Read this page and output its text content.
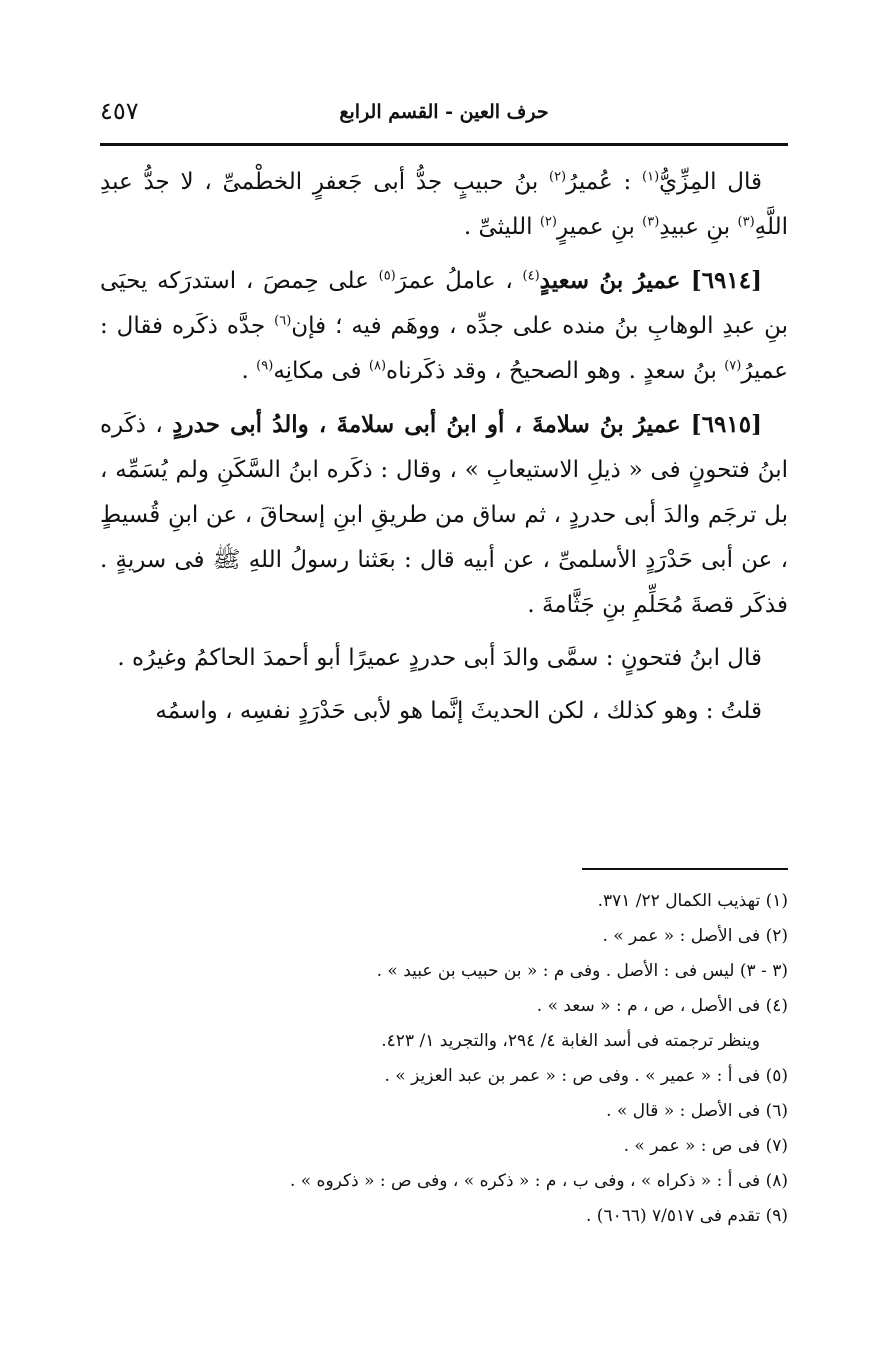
٤٥٧	حرف العين - القسم الرابع

قال المِزِّيُّ$^{(١)}$ : عُميرُ$^{(٢)}$ بنُ حبيبٍ جدُّ أبى جَعفرٍ الخطْمىِّ ، لا جدُّ عبدِ اللَّهِ$^{(٣)}$ بنِ عبيدِ$^{(٣)}$ بنِ عميرٍ$^{(٢)}$ الليثىِّ .

[٦٩١٤] عميرُ بنُ سعيدٍ$^{(٤)}$ ، عاملُ عمرَ$^{(٥)}$ على حِمصَ ، استدرَكه يحيَى بنِ عبدِ الوهابِ بنُ منده على جدِّه ، ووهَم فيه ؛ فإن$^{(٦)}$ جدَّه ذكَره فقال : عميرُ$^{(٧)}$ بنُ سعدٍ . وهو الصحيحُ ، وقد ذكَرناه$^{(٨)}$ فى مكانِه$^{(٩)}$ .

[٦٩١٥] عميرُ بنُ سلامةَ ، أو ابنُ أبى سلامةَ ، والدُ أبى حدردٍ ، ذكَره ابنُ فتحونٍ فى « ذيلِ الاستيعابِ » ، وقال : ذكَره ابنُ السَّكَنِ ولم يُسَمِّه ، بل ترجَم والدَ أبى حدردٍ ، ثم ساق من طريقِ ابنِ إسحاقَ ، عن ابنِ قُسيطٍ ، عن أبى حَدْرَدٍ الأسلمىِّ ، عن أبيه قال : بعَثنا رسولُ اللهِ ﷺ فى سريةٍ . فذكَر قصةَ مُحَلِّمِ بنِ جَثَّامةَ .

قال ابنُ فتحونٍ : سمَّى والدَ أبى حدردٍ عميرًا أبو أحمدَ الحاكمُ وغيرُه .

قلتُ : وهو كذلك ، لكن الحديثَ إنَّما هو لأبى حَدْرَدٍ نفسِه ، واسمُه

(١) تهذيب الكمال ٢٢/ ٣٧١.

(٢) فى الأصل : « عمر » .

(٣ - ٣) ليس فى : الأصل . وفى م : « بن حبيب بن عبيد » .

(٤) فى الأصل ، ص ، م : « سعد » .

وينظر ترجمته فى أسد الغابة ٤/ ٢٩٤، والتجريد ١/ ٤٢٣.

(٥) فى أ : « عمير » . وفى ص : « عمر بن عبد العزيز » .

(٦) فى الأصل : « قال » .

(٧) فى ص : « عمر » .

(٨) فى أ : « ذكراه » ، وفى ب ، م : « ذكره » ، وفى ص : « ذكروه » .

(٩) تقدم فى ٧/٥١٧ (٦٠٦٦) .
